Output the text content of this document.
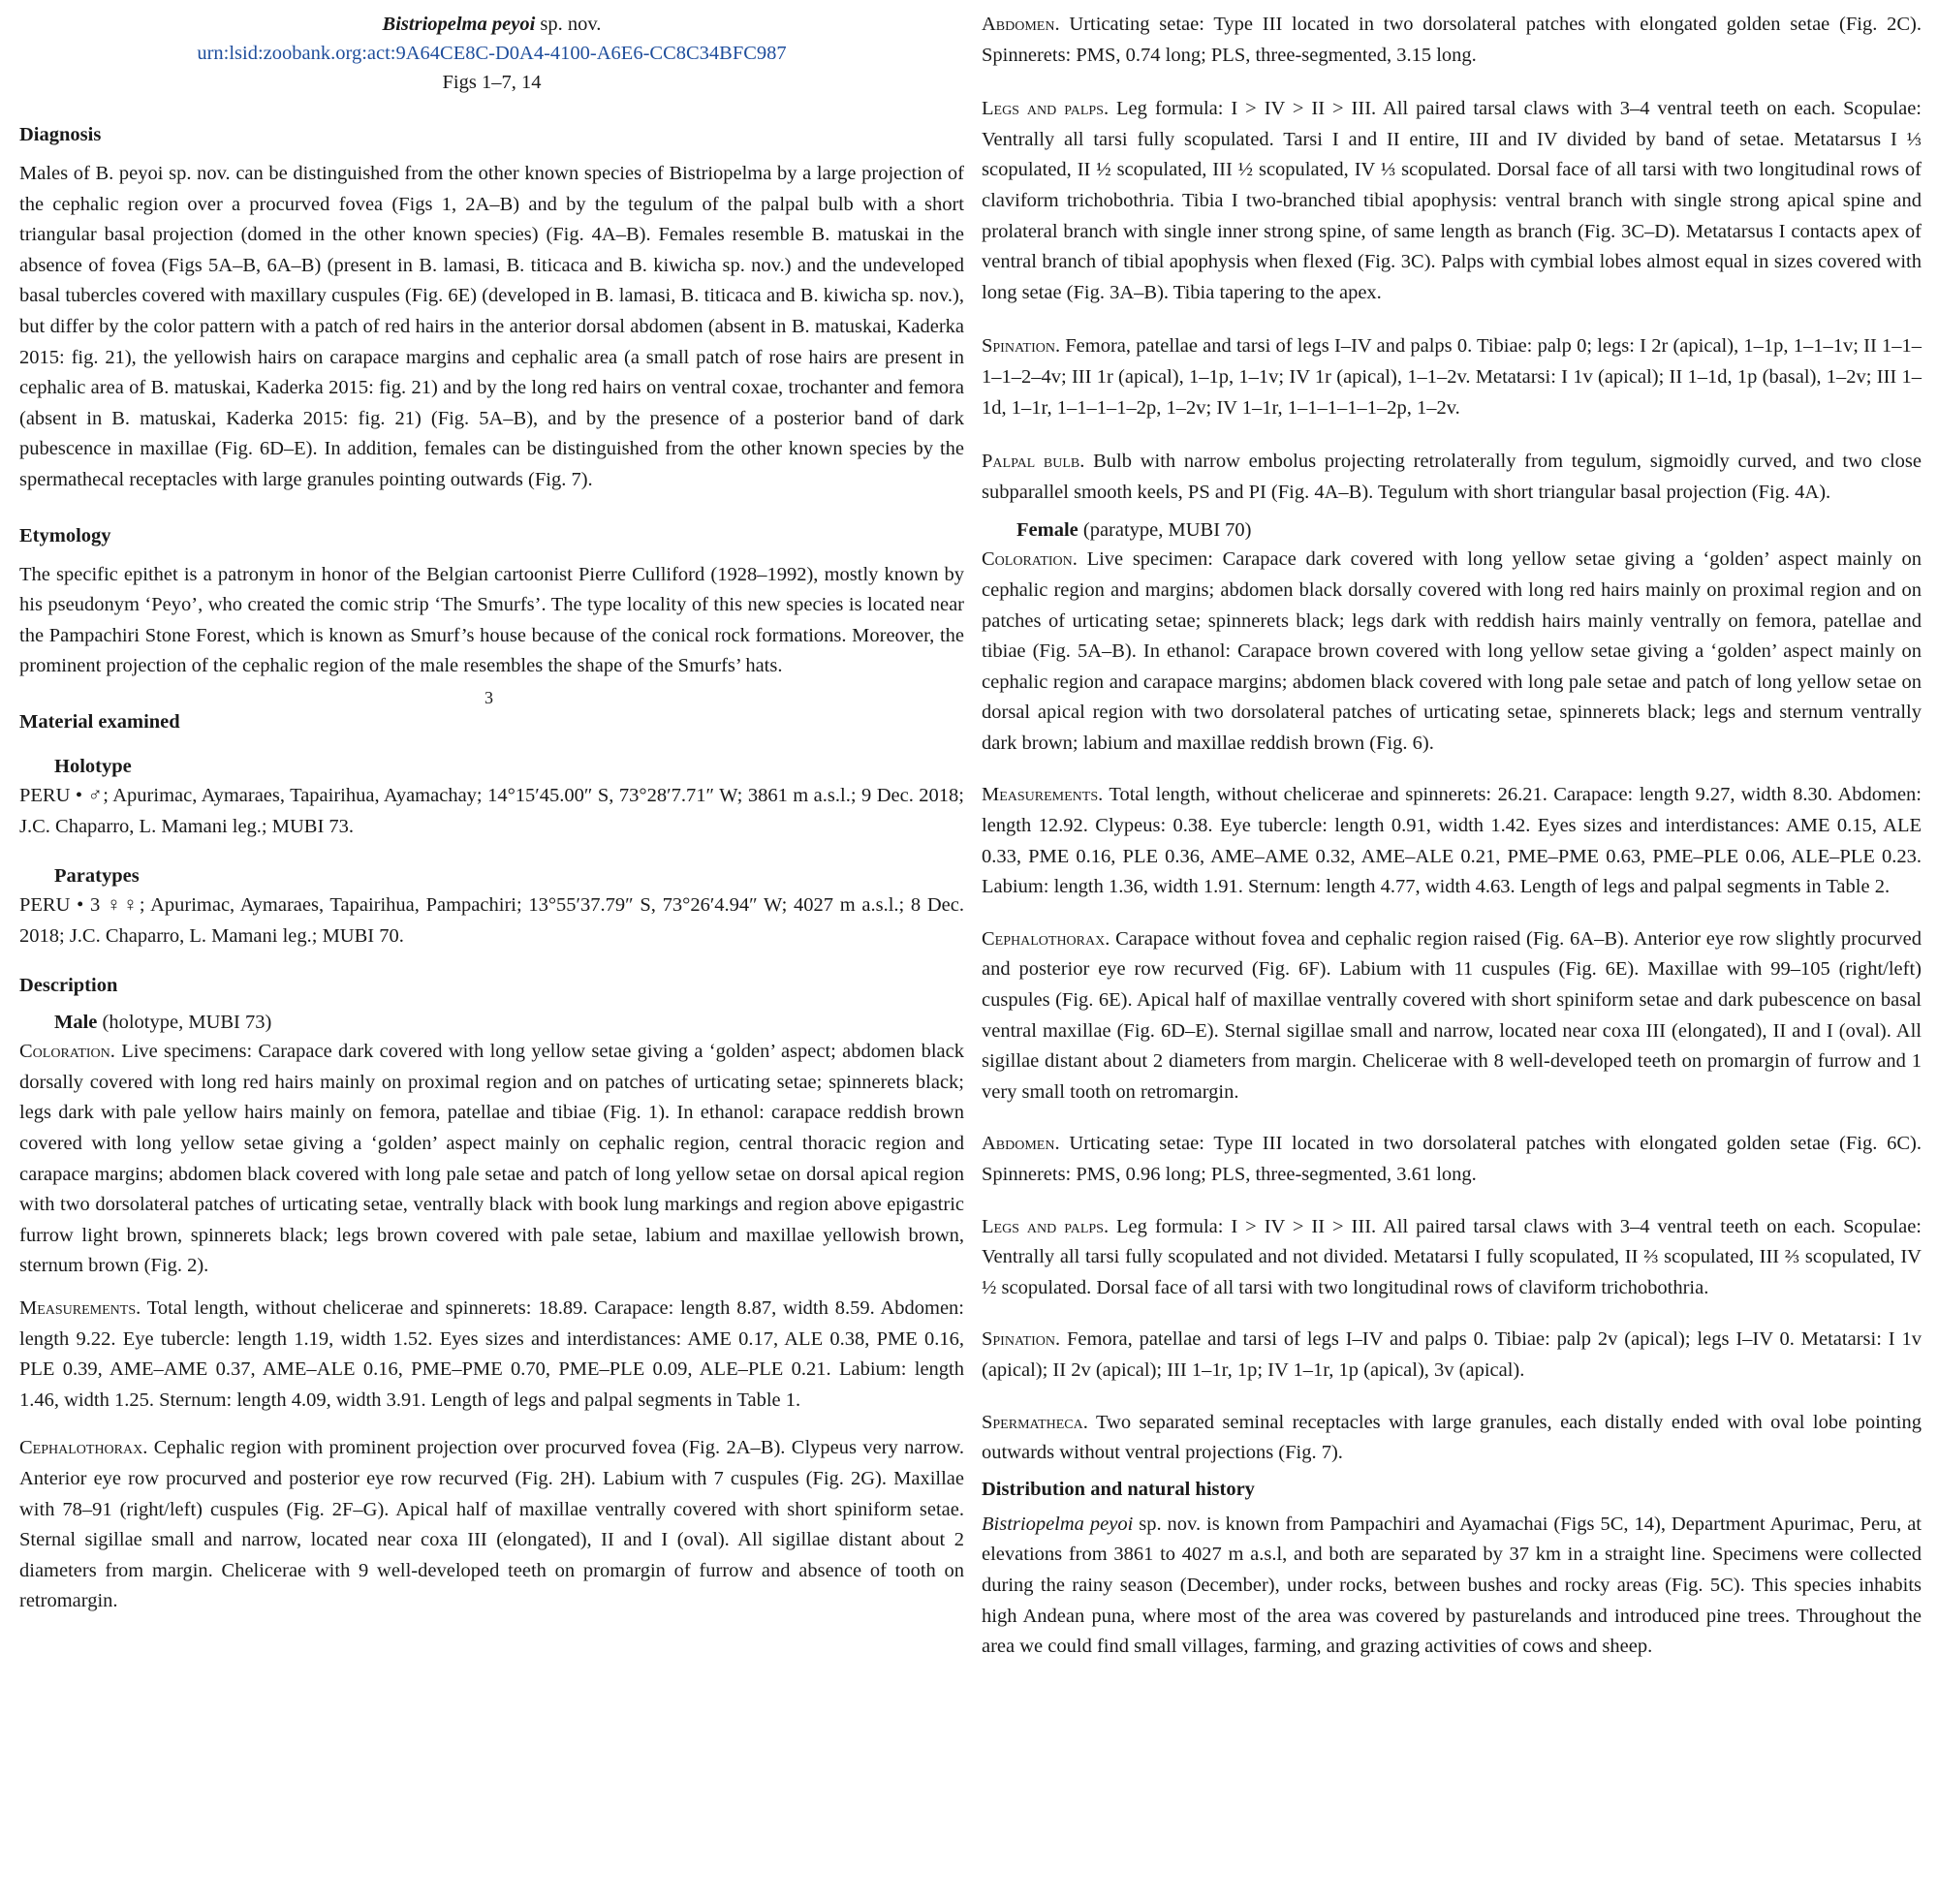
Bistriopelma peyoi sp. nov.
urn:lsid:zoobank.org:act:9A64CE8C-D0A4-4100-A6E6-CC8C34BFC987
Figs 1–7, 14
Diagnosis

Males of B. peyoi sp. nov. can be distinguished from the other known species of Bistriopelma by a large projection of the cephalic region over a procurved fovea (Figs 1, 2A–B) and by the tegulum of the palpal bulb with a short triangular basal projection (domed in the other known species) (Fig. 4A–B). Females resemble B. matuskai in the absence of fovea (Figs 5A–B, 6A–B) (present in B. lamasi, B. titicaca and B. kiwicha sp. nov.) and the undeveloped basal tubercles covered with maxillary cuspules (Fig. 6E) (developed in B. lamasi, B. titicaca and B. kiwicha sp. nov.), but differ by the color pattern with a patch of red hairs in the anterior dorsal abdomen (absent in B. matuskai, Kaderka 2015: fig. 21), the yellowish hairs on carapace margins and cephalic area (a small patch of rose hairs are present in cephalic area of B. matuskai, Kaderka 2015: fig. 21) and by the long red hairs on ventral coxae, trochanter and femora (absent in B. matuskai, Kaderka 2015: fig. 21) (Fig. 5A–B), and by the presence of a posterior band of dark pubescence in maxillae (Fig. 6D–E). In addition, females can be distinguished from the other known species by the spermathecal receptacles with large granules pointing outwards (Fig. 7).

Etymology

The specific epithet is a patronym in honor of the Belgian cartoonist Pierre Culliford (1928–1992), mostly known by his pseudonym ‘Peyo’, who created the comic strip ‘The Smurfs’. The type locality of this new species is located near the Pampachiri Stone Forest, which is known as Smurf’s house because of the conical rock formations. Moreover, the prominent projection of the cephalic region of the male resembles the shape of the Smurfs’ hats.

Material examined
Holotype

PERU • ♂; Apurimac, Aymaraes, Tapairihua, Ayamachay; 14°15′45.00″ S, 73°28′7.71″ W; 3861 m a.s.l.; 9 Dec. 2018; J.C. Chaparro, L. Mamani leg.; MUBI 73.

Paratypes

PERU • 3 ♀♀; Apurimac, Aymaraes, Tapairihua, Pampachiri; 13°55′37.79″ S, 73°26′4.94″ W; 4027 m a.s.l.; 8 Dec. 2018; J.C. Chaparro, L. Mamani leg.; MUBI 70.

Description
Male (holotype, MUBI 73)

Coloration. Live specimens: Carapace dark covered with long yellow setae giving a ‘golden’ aspect; abdomen black dorsally covered with long red hairs mainly on proximal region and on patches of urticating setae; spinnerets black; legs dark with pale yellow hairs mainly on femora, patellae and tibiae (Fig. 1). In ethanol: carapace reddish brown covered with long yellow setae giving a ‘golden’ aspect mainly on cephalic region, central thoracic region and carapace margins; abdomen black covered with long pale setae and patch of long yellow setae on dorsal apical region with two dorsolateral patches of urticating setae, ventrally black with book lung markings and region above epigastric furrow light brown, spinnerets black; legs brown covered with pale setae, labium and maxillae yellowish brown, sternum brown (Fig. 2).

Measurements. Total length, without chelicerae and spinnerets: 18.89. Carapace: length 8.87, width 8.59. Abdomen: length 9.22. Eye tubercle: length 1.19, width 1.52. Eyes sizes and interdistances: AME 0.17, ALE 0.38, PME 0.16, PLE 0.39, AME–AME 0.37, AME–ALE 0.16, PME–PME 0.70, PME–PLE 0.09, ALE–PLE 0.21. Labium: length 1.46, width 1.25. Sternum: length 4.09, width 3.91. Length of legs and palpal segments in Table 1.

Cephalothorax. Cephalic region with prominent projection over procurved fovea (Fig. 2A–B). Clypeus very narrow. Anterior eye row procurved and posterior eye row recurved (Fig. 2H). Labium with 7 cuspules (Fig. 2G). Maxillae with 78–91 (right/left) cuspules (Fig. 2F–G). Apical half of maxillae ventrally covered with short spiniform setae. Sternal sigillae small and narrow, located near coxa III (elongated), II and I (oval). All sigillae distant about 2 diameters from margin. Chelicerae with 9 well-developed teeth on promargin of furrow and absence of tooth on retromargin.

3

Abdomen. Urticating setae: Type III located in two dorsolateral patches with elongated golden setae (Fig. 2C). Spinnerets: PMS, 0.74 long; PLS, three-segmented, 3.15 long.

Legs and palps. Leg formula: I > IV > II > III. All paired tarsal claws with 3–4 ventral teeth on each. Scopulae: Ventrally all tarsi fully scopulated. Tarsi I and II entire, III and IV divided by band of setae. Metatarsus I ⅓ scopulated, II ½ scopulated, III ½ scopulated, IV ⅓ scopulated. Dorsal face of all tarsi with two longitudinal rows of claviform trichobothria. Tibia I two-branched tibial apophysis: ventral branch with single strong apical spine and prolateral branch with single inner strong spine, of same length as branch (Fig. 3C–D). Metatarsus I contacts apex of ventral branch of tibial apophysis when flexed (Fig. 3C). Palps with cymbial lobes almost equal in sizes covered with long setae (Fig. 3A–B). Tibia tapering to the apex.

Spination. Femora, patellae and tarsi of legs I–IV and palps 0. Tibiae: palp 0; legs: I 2r (apical), 1–1p, 1–1–1v; II 1–1–1–1–2–4v; III 1r (apical), 1–1p, 1–1v; IV 1r (apical), 1–1–2v. Metatarsi: I 1v (apical); II 1–1d, 1p (basal), 1–2v; III 1–1d, 1–1r, 1–1–1–1–2p, 1–2v; IV 1–1r, 1–1–1–1–1–2p, 1–2v.

Palpal bulb. Bulb with narrow embolus projecting retrolaterally from tegulum, sigmoidly curved, and two close subparallel smooth keels, PS and PI (Fig. 4A–B). Tegulum with short triangular basal projection (Fig. 4A).

Female (paratype, MUBI 70)

Coloration. Live specimen: Carapace dark covered with long yellow setae giving a ‘golden’ aspect mainly on cephalic region and margins; abdomen black dorsally covered with long red hairs mainly on proximal region and on patches of urticating setae; spinnerets black; legs dark with reddish hairs mainly ventrally on femora, patellae and tibiae (Fig. 5A–B). In ethanol: Carapace brown covered with long yellow setae giving a ‘golden’ aspect mainly on cephalic region and carapace margins; abdomen black covered with long pale setae and patch of long yellow setae on dorsal apical region with two dorsolateral patches of urticating setae, spinnerets black; legs and sternum ventrally dark brown; labium and maxillae reddish brown (Fig. 6).

Measurements. Total length, without chelicerae and spinnerets: 26.21. Carapace: length 9.27, width 8.30. Abdomen: length 12.92. Clypeus: 0.38. Eye tubercle: length 0.91, width 1.42. Eyes sizes and interdistances: AME 0.15, ALE 0.33, PME 0.16, PLE 0.36, AME–AME 0.32, AME–ALE 0.21, PME–PME 0.63, PME–PLE 0.06, ALE–PLE 0.23. Labium: length 1.36, width 1.91. Sternum: length 4.77, width 4.63. Length of legs and palpal segments in Table 2.

Cephalothorax. Carapace without fovea and cephalic region raised (Fig. 6A–B). Anterior eye row slightly procurved and posterior eye row recurved (Fig. 6F). Labium with 11 cuspules (Fig. 6E). Maxillae with 99–105 (right/left) cuspules (Fig. 6E). Apical half of maxillae ventrally covered with short spiniform setae and dark pubescence on basal ventral maxillae (Fig. 6D–E). Sternal sigillae small and narrow, located near coxa III (elongated), II and I (oval). All sigillae distant about 2 diameters from margin. Chelicerae with 8 well-developed teeth on promargin of furrow and 1 very small tooth on retromargin.

Abdomen. Urticating setae: Type III located in two dorsolateral patches with elongated golden setae (Fig. 6C). Spinnerets: PMS, 0.96 long; PLS, three-segmented, 3.61 long.

Legs and palps. Leg formula: I > IV > II > III. All paired tarsal claws with 3–4 ventral teeth on each. Scopulae: Ventrally all tarsi fully scopulated and not divided. Metatarsi I fully scopulated, II ⅔ scopulated, III ⅔ scopulated, IV ½ scopulated. Dorsal face of all tarsi with two longitudinal rows of claviform trichobothria.

Spination. Femora, patellae and tarsi of legs I–IV and palps 0. Tibiae: palp 2v (apical); legs I–IV 0. Metatarsi: I 1v (apical); II 2v (apical); III 1–1r, 1p; IV 1–1r, 1p (apical), 3v (apical).

Spermatheca. Two separated seminal receptacles with large granules, each distally ended with oval lobe pointing outwards without ventral projections (Fig. 7).

Distribution and natural history

Bistriopelma peyoi sp. nov. is known from Pampachiri and Ayamachai (Figs 5C, 14), Department Apurimac, Peru, at elevations from 3861 to 4027 m a.s.l, and both are separated by 37 km in a straight line. Specimens were collected during the rainy season (December), under rocks, between bushes and rocky areas (Fig. 5C). This species inhabits high Andean puna, where most of the area was covered by pasturelands and introduced pine trees. Throughout the area we could find small villages, farming, and grazing activities of cows and sheep.
